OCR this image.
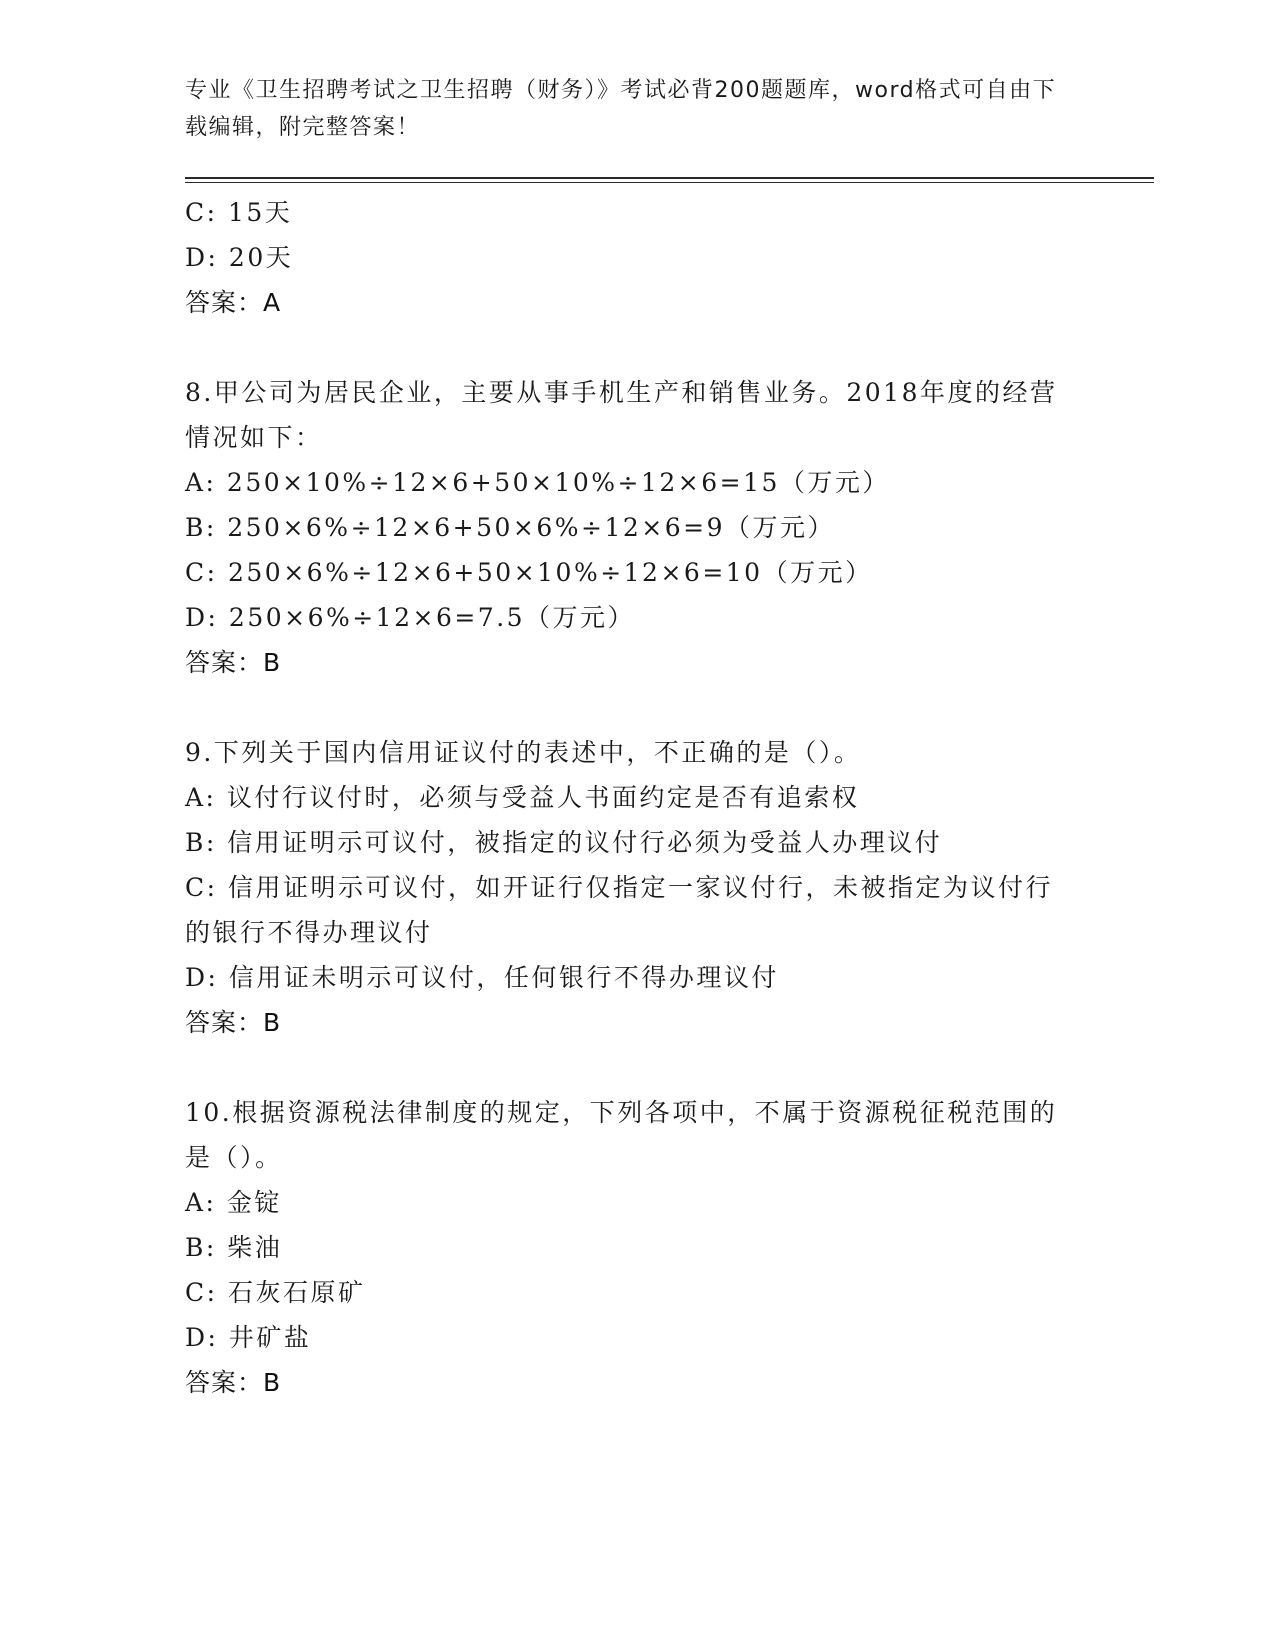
专业《卫生招聘考试之卫生招聘（财务）》考试必背200题题库，word格式可自由下载编辑，附完整答案！

C: 15天

D: 20天

答案：A

8.甲公司为居民企业，主要从事手机生产和销售业务。2018年度的经营情况如下：

A: 250×10%÷12×6+50×10%÷12×6=15（万元）

B: 250×6%÷12×6+50×6%÷12×6=9（万元）

C: 250×6%÷12×6+50×10%÷12×6=10（万元）

D: 250×6%÷12×6=7.5（万元）

答案：B

9.下列关于国内信用证议付的表述中，不正确的是（）。

A: 议付行议付时，必须与受益人书面约定是否有追索权

B: 信用证明示可议付，被指定的议付行必须为受益人办理议付

C: 信用证明示可议付，如开证行仅指定一家议付行，未被指定为议付行的银行不得办理议付

D: 信用证未明示可议付，任何银行不得办理议付

答案：B

10.根据资源税法律制度的规定，下列各项中，不属于资源税征税范围的是（）。

A: 金锭

B: 柴油

C: 石灰石原矿

D: 井矿盐

答案：B
